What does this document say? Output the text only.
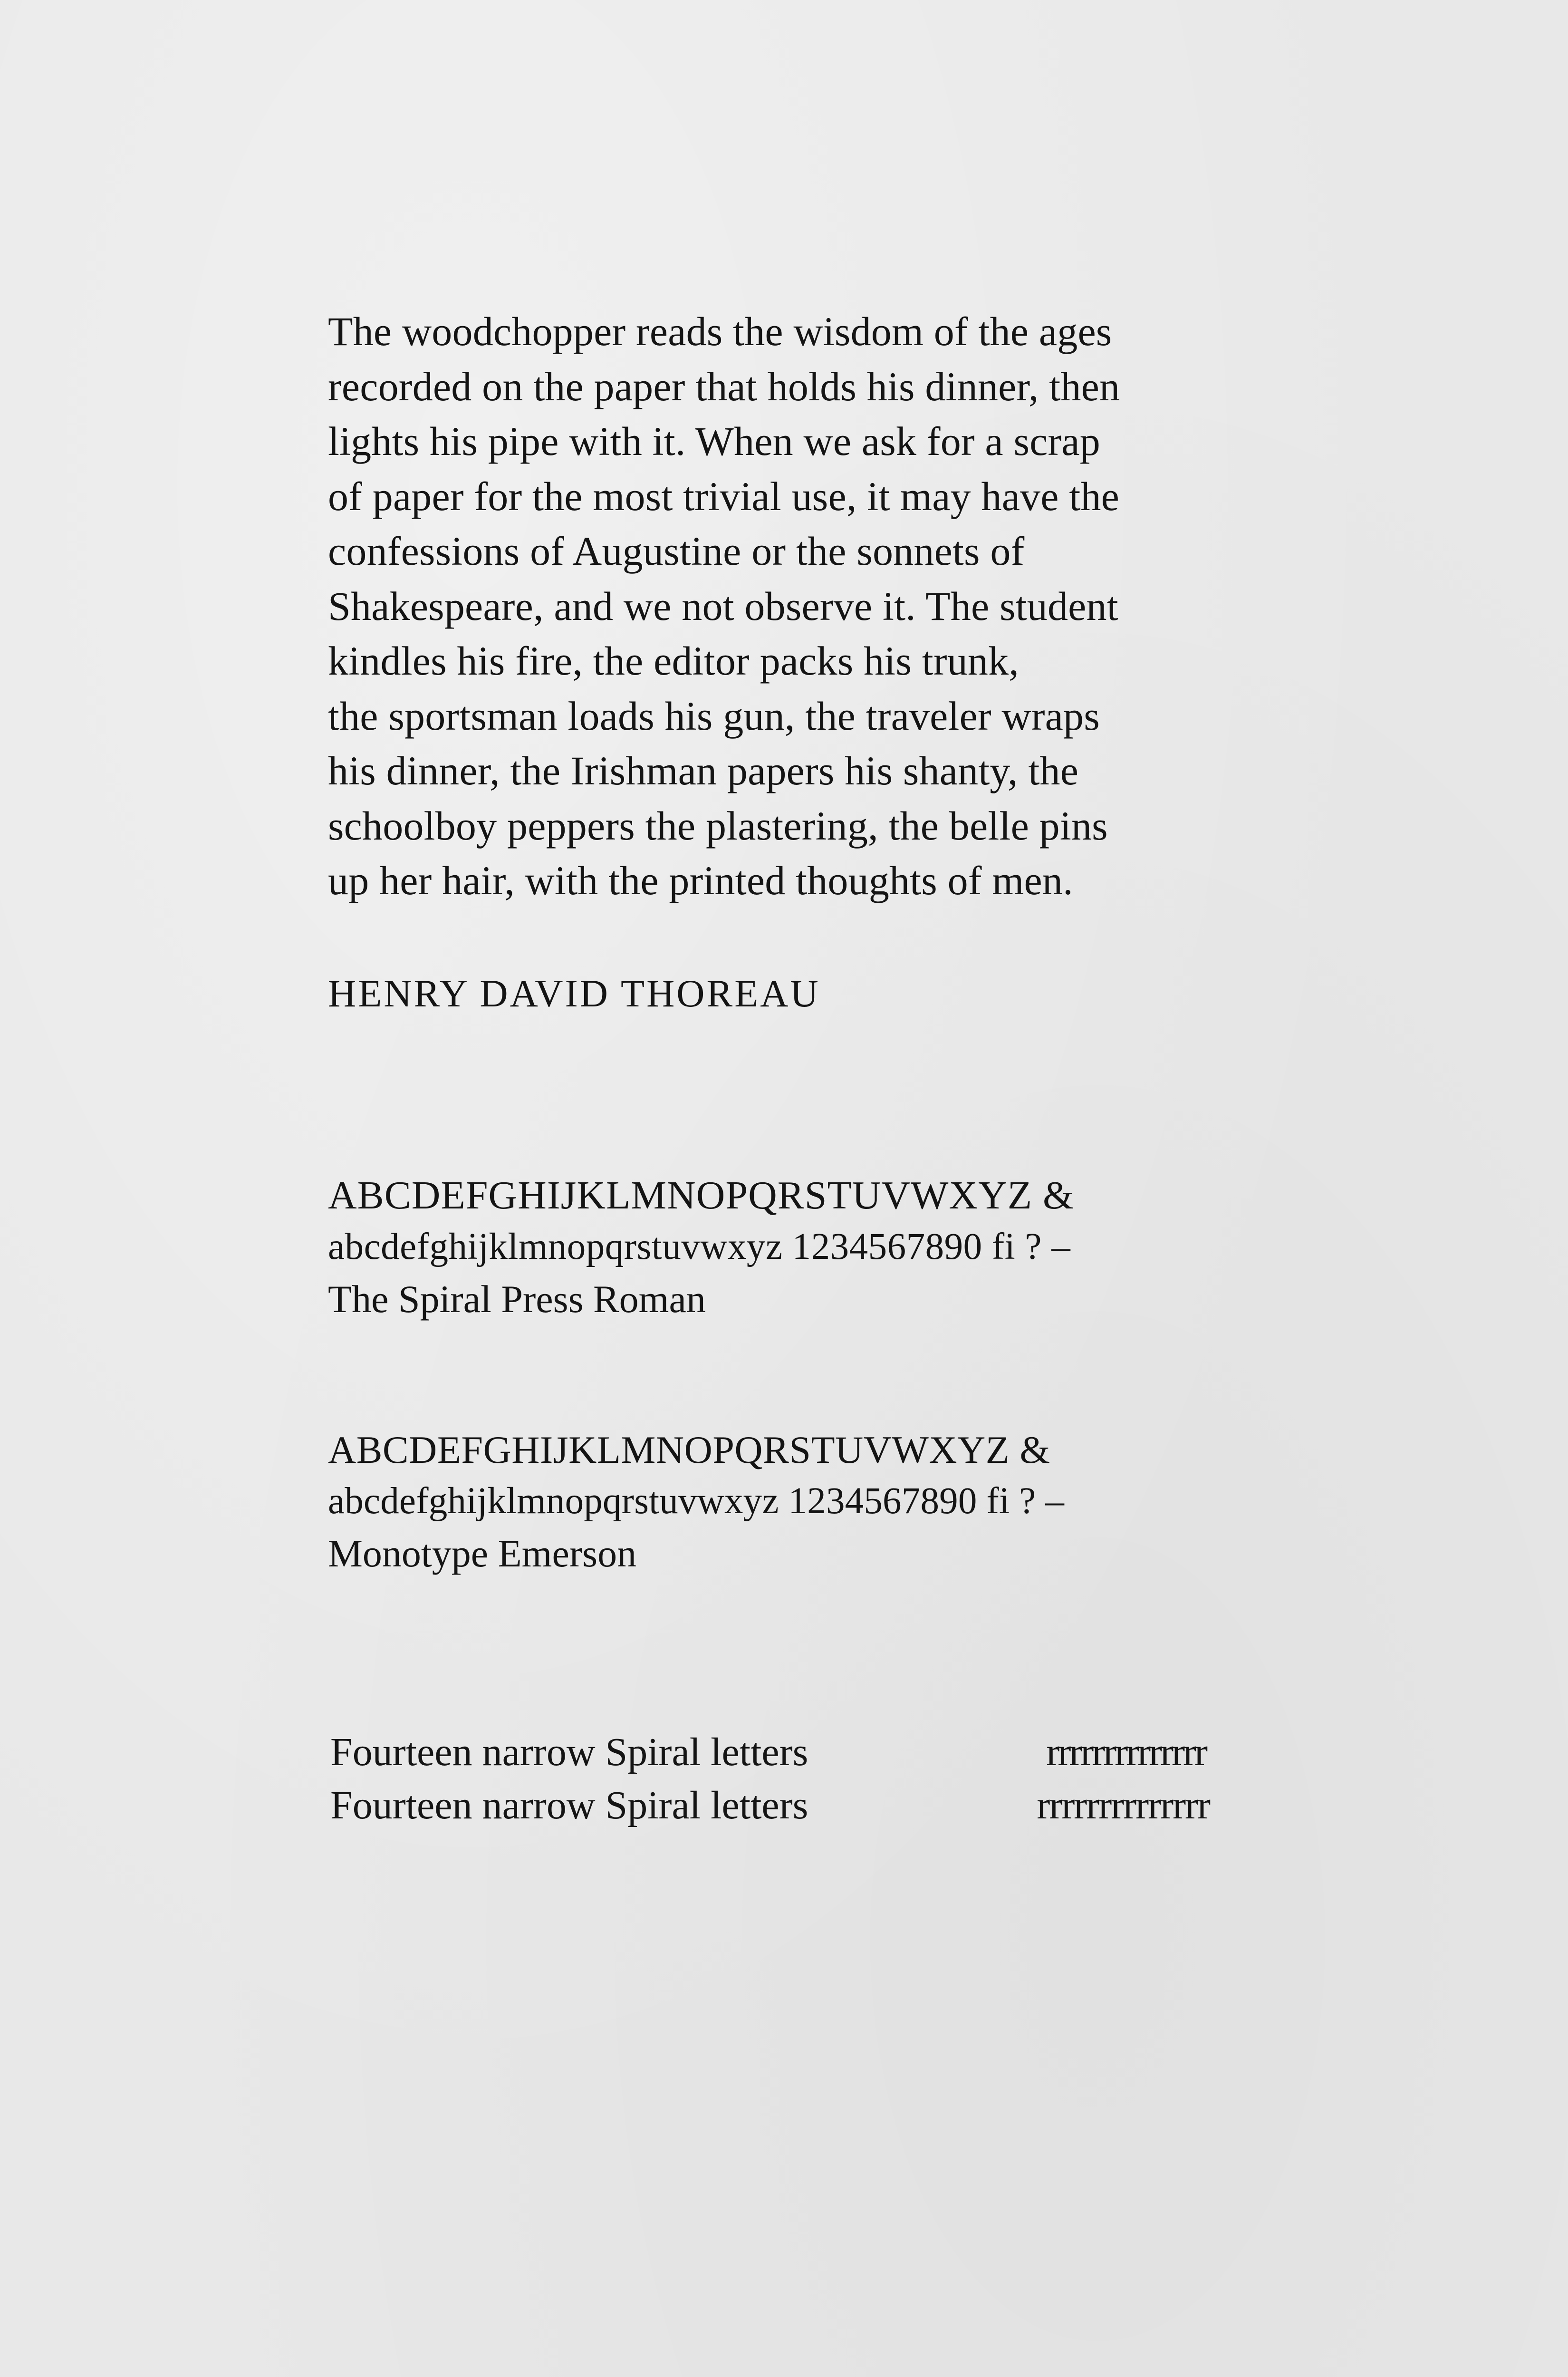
The woodchopper reads the wisdom of the ages
recorded on the paper that holds his dinner, then
lights his pipe with it. When we ask for a scrap
of paper for the most trivial use, it may have the
confessions of Augustine or the sonnets of
Shakespeare, and we not observe it. The student
kindles his fire, the editor packs his trunk,
the sportsman loads his gun, the traveler wraps
his dinner, the Irishman papers his shanty, the
schoolboy peppers the plastering, the belle pins
up her hair, with the printed thoughts of men.
HENRY DAVID THOREAU
ABCDEFGHIJKLMNOPQRSTUVWXYZ &
abcdefghijklmnopqrstuvwxyz 1234567890 fi ? –
The Spiral Press Roman
ABCDEFGHIJKLMNOPQRSTUVWXYZ &
abcdefghijklmnopqrstuvwxyz 1234567890 fi ? –
Monotype Emerson
Fourteen narrow Spiral letters	rrrrrrrrrrrrrr
Fourteen narrow Spiral letters	rrrrrrrrrrrrrr
